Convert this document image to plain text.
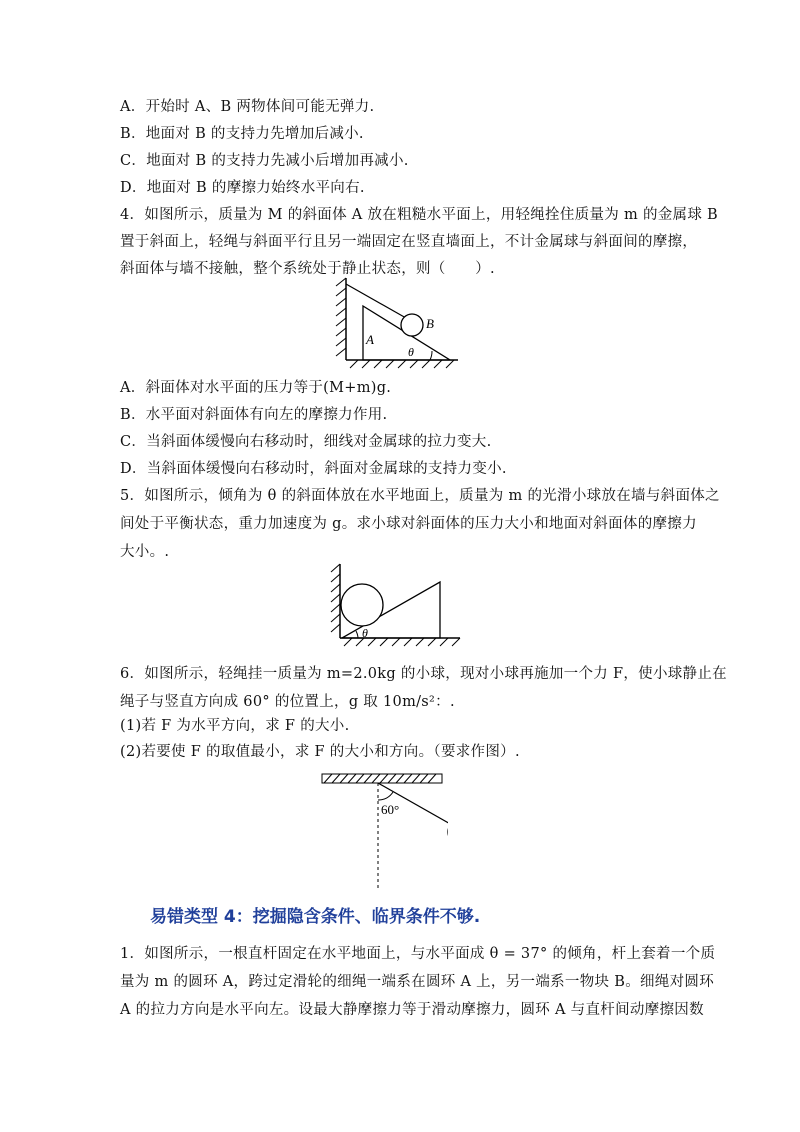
A．开始时 A、B 两物体间可能无弹力.
B．地面对 B 的支持力先增加后减小.
C．地面对 B 的支持力先减小后增加再减小.
D．地面对 B 的摩擦力始终水平向右.
4．如图所示，质量为 M 的斜面体 A 放在粗糙水平面上，用轻绳拴住质量为 m 的金属球 B
置于斜面上，轻绳与斜面平行且另一端固定在竖直墙面上，不计金属球与斜面间的摩擦，
斜面体与墙不接触，整个系统处于静止状态，则（　　）.
B
A
θ
A．斜面体对水平面的压力等于(M+m)g.
B．水平面对斜面体有向左的摩擦力作用.
C．当斜面体缓慢向右移动时，细线对金属球的拉力变大.
D．当斜面体缓慢向右移动时，斜面对金属球的支持力变小.
5．如图所示，倾角为 θ 的斜面体放在水平地面上，质量为 m 的光滑小球放在墙与斜面体之
间处于平衡状态，重力加速度为 g。求小球对斜面体的压力大小和地面对斜面体的摩擦力
大小。.
θ
6．如图所示，轻绳挂一质量为 m=2.0kg 的小球，现对小球再施加一个力 F，使小球静止在
绳子与竖直方向成 60° 的位置上，g 取 10m/s²：.
(1)若 F 为水平方向，求 F 的大小.
(2)若要使 F 的取值最小，求 F 的大小和方向。（要求作图）.
60°
易错类型 4：挖掘隐含条件、临界条件不够.
1．如图所示，一根直杆固定在水平地面上，与水平面成 θ = 37° 的倾角，杆上套着一个质
量为 m 的圆环 A，跨过定滑轮的细绳一端系在圆环 A 上，另一端系一物块 B。细绳对圆环
A 的拉力方向是水平向左。设最大静摩擦力等于滑动摩擦力，圆环 A 与直杆间动摩擦因数
